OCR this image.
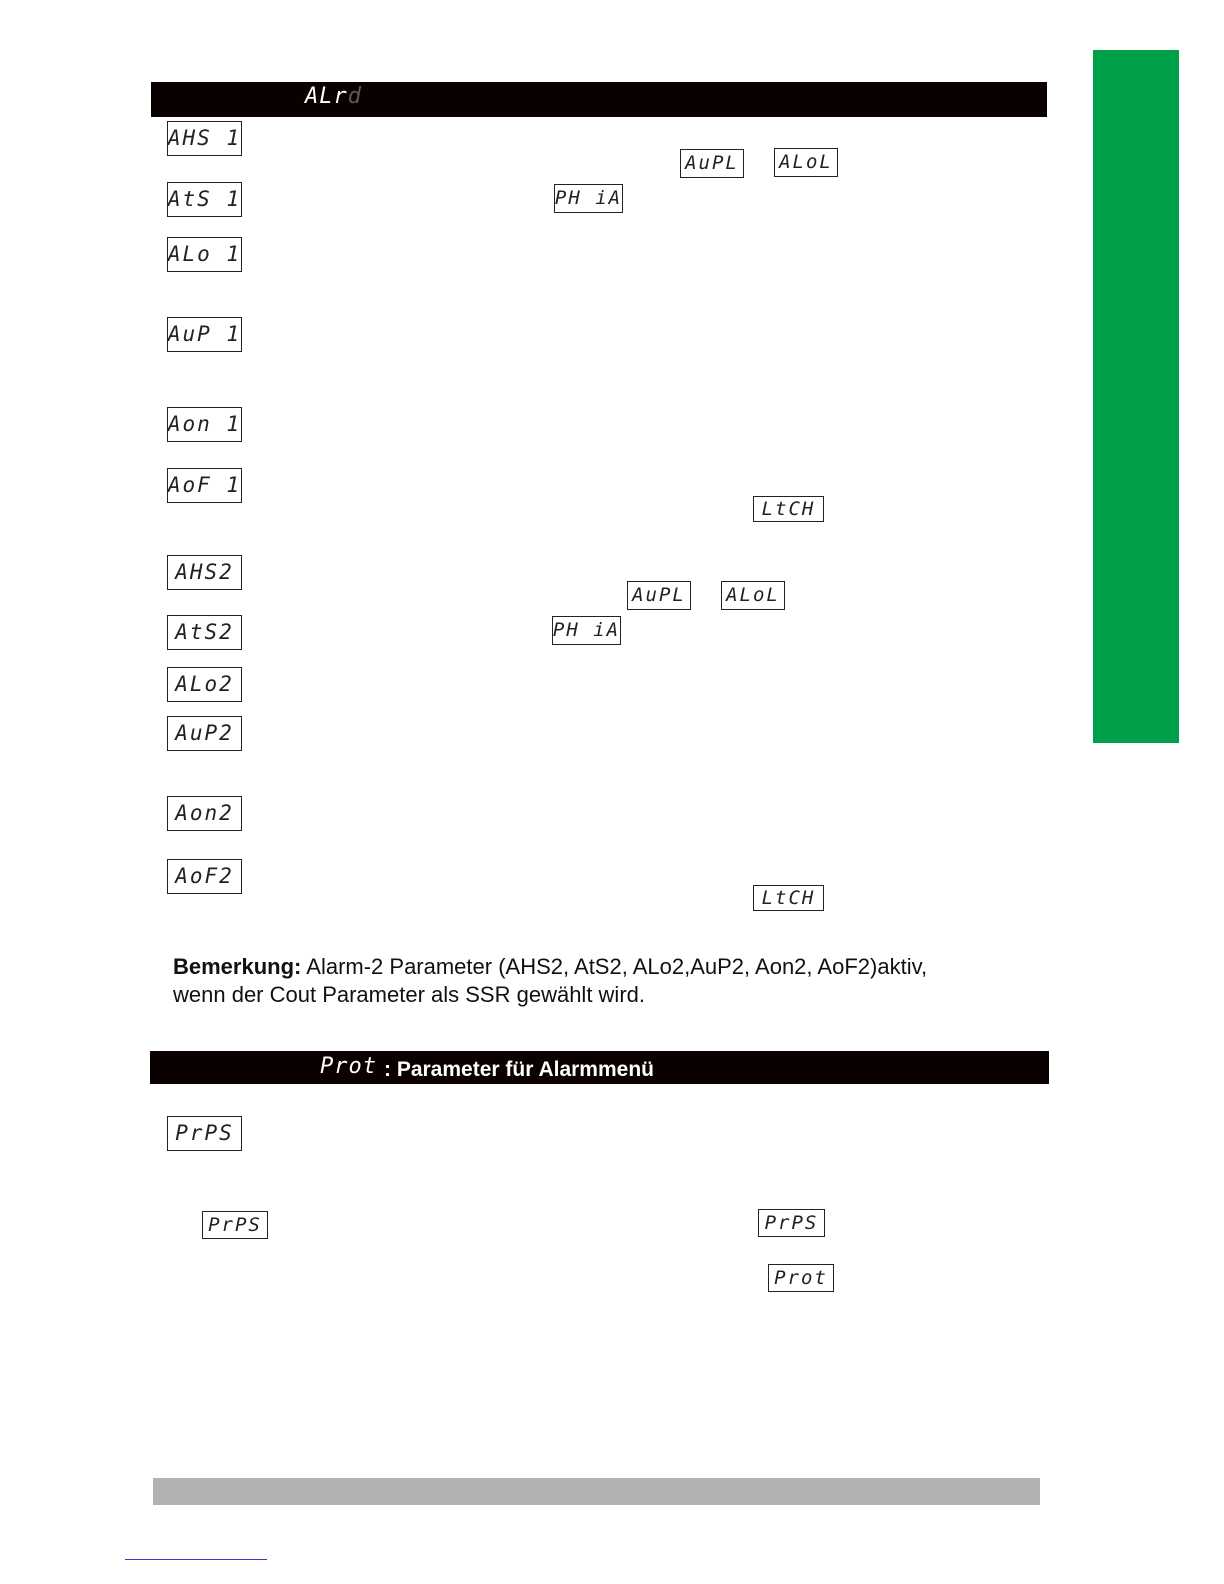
ALrd
AHS 1
AuPL ALoL
AtS 1	PH iA
ALo 1
AuP 1
Aon 1
AoF 1
LtCH
AHS2
AuPL ALoL
AtS2	PH iA
ALo2
AuP2
Aon2
AoF2
LtCH
Bemerkung: Alarm-2 Parameter (AHS2, AtS2, ALo2,AuP2, Aon2, AoF2)aktiv, wenn der Cout Parameter als SSR gewählt wird.
Prot : Parameter für Alarmmenü
PrPS
PrPS	PrPS
Prot
